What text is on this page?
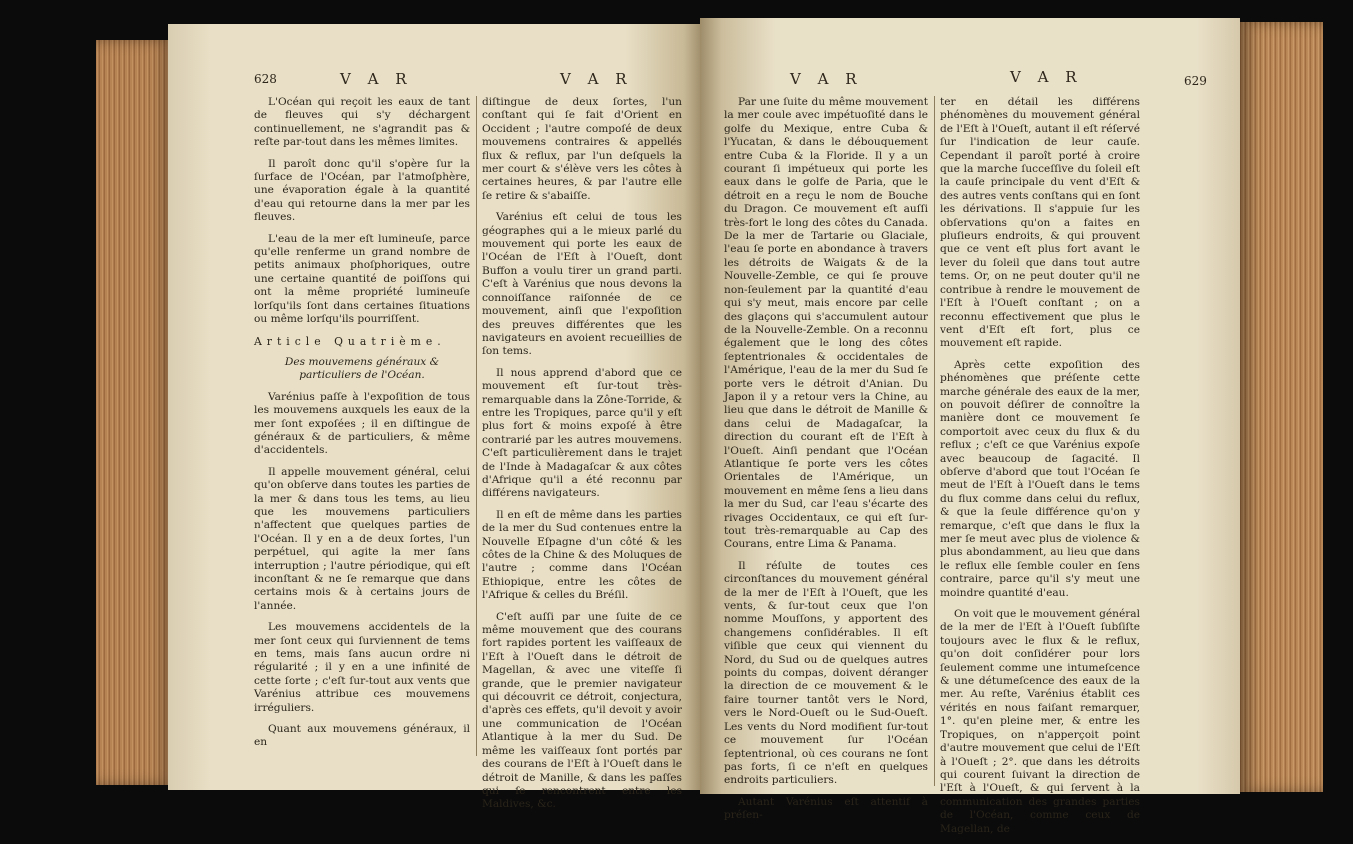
628	V A R	V A R

L'Océan qui reçoit les eaux de tant de fleuves qui s'y déchargent continuellement, ne s'agrandit pas & reſte par-tout dans les mêmes limites.

Il paroît donc qu'il s'opère ſur la ſurface de l'Océan, par l'atmoſphère, une évaporation égale à la quantité d'eau qui retourne dans la mer par les fleuves.

L'eau de la mer eſt lumineuſe, parce qu'elle renferme un grand nombre de petits animaux phoſphoriques, outre une certaine quantité de poiſſons qui ont la même propriété lumineuſe lorſqu'ils ſont dans certaines ſituations ou même lorſqu'ils pourriſſent.

Article Quatrième.

Des mouvemens généraux & particuliers de l'Océan.

Varénius paſſe à l'expoſition de tous les mouvemens auxquels les eaux de la mer ſont expoſées ; il en diſtingue de généraux & de particuliers, & même d'accidentels.

Il appelle mouvement général, celui qu'on obſerve dans toutes les parties de la mer & dans tous les tems, au lieu que les mouvemens particuliers n'affectent que quelques parties de l'Océan. Il y en a de deux ſortes, l'un perpétuel, qui agite la mer ſans interruption ; l'autre périodique, qui eſt inconſtant & ne ſe remarque que dans certains mois & à certains jours de l'année.

Les mouvemens accidentels de la mer ſont ceux qui ſurviennent de tems en tems, mais ſans aucun ordre ni régularité ; il y en a une infinité de cette ſorte ; c'eſt ſur-tout aux vents que Varénius attribue ces mouvemens irréguliers.

Quant aux mouvemens généraux, il en

diſtingue de deux ſortes, l'un conſtant qui ſe fait d'Orient en Occident ; l'autre compoſé de deux mouvemens contraires & appellés flux & reflux, par l'un deſquels la mer court & s'élève vers les côtes à certaines heures, & par l'autre elle ſe retire & s'abaiſſe.

Varénius eſt celui de tous les géographes qui a le mieux parlé du mouvement qui porte les eaux de l'Océan de l'Eſt à l'Oueſt, dont Buffon a voulu tirer un grand parti. C'eſt à Varénius que nous devons la connoiſſance raiſonnée de ce mouvement, ainſi que l'expoſition des preuves différentes que les navigateurs en avoient recueillies de ſon tems.

Il nous apprend d'abord que ce mouvement eſt ſur-tout très-remarquable dans la Zône-Torride, & entre les Tropiques, parce qu'il y eſt plus fort & moins expoſé à être contrarié par les autres mouvemens. C'eſt particulièrement dans le trajet de l'Inde à Madagaſcar & aux côtes d'Afrique qu'il a été reconnu par différens navigateurs.

Il en eſt de même dans les parties de la mer du Sud contenues entre la Nouvelle Eſpagne d'un côté & les côtes de la Chine & des Moluques de l'autre ; comme dans l'Océan Ethiopique, entre les côtes de l'Afrique & celles du Bréſil.

C'eſt auſſi par une ſuite de ce même mouvement que des courans fort rapides portent les vaiſſeaux de l'Eſt à l'Oueſt dans le détroit de Magellan, & avec une viteſſe ſi grande, que le premier navigateur qui découvrit ce détroit, conjectura, d'après ces effets, qu'il devoit y avoir une communication de l'Océan Atlantique à la mer du Sud. De même les vaiſſeaux ſont portés par des courans de l'Eſt à l'Oueſt dans le détroit de Manille, & dans les paſſes qui ſe rencontrent entre les Maldives, &c.

V A R	V A R	629

Par une ſuite du même mouvement la mer coule avec impétuoſité dans le golfe du Mexique, entre Cuba & l'Yucatan, & dans le débouquement entre Cuba & la Floride. Il y a un courant ſi impétueux qui porte les eaux dans le golfe de Paria, que le détroit en a reçu le nom de Bouche du Dragon. Ce mouvement eſt auſſi très-fort le long des côtes du Canada. De la mer de Tartarie ou Glaciale, l'eau ſe porte en abondance à travers les détroits de Waigats & de la Nouvelle-Zemble, ce qui ſe prouve non-ſeulement par la quantité d'eau qui s'y meut, mais encore par celle des glaçons qui s'accumulent autour de la Nouvelle-Zemble. On a reconnu également que le long des côtes ſeptentrionales & occidentales de l'Amérique, l'eau de la mer du Sud ſe porte vers le détroit d'Anian. Du Japon il y a retour vers la Chine, au lieu que dans le détroit de Manille & dans celui de Madagaſcar, la direction du courant eſt de l'Eſt à l'Oueſt. Ainſi pendant que l'Océan Atlantique ſe porte vers les côtes Orientales de l'Amérique, un mouvement en même ſens a lieu dans la mer du Sud, car l'eau s'écarte des rivages Occidentaux, ce qui eſt ſur-tout très-remarquable au Cap des Courans, entre Lima & Panama.

Il réſulte de toutes ces circonſtances du mouvement général de la mer de l'Eſt à l'Oueſt, que les vents, & ſur-tout ceux que l'on nomme Mouſſons, y apportent des changemens conſidérables. Il eſt viſible que ceux qui viennent du Nord, du Sud ou de quelques autres points du compas, doivent déranger la direction de ce mouvement & le faire tourner tantôt vers le Nord, vers le Nord-Oueſt ou le Sud-Oueſt. Les vents du Nord modifient ſur-tout ce mouvement ſur l'Océan ſeptentrional, où ces courans ne ſont pas forts, ſi ce n'eſt en quelques endroits particuliers.

Autant Varénius eſt attentif à préſen-

ter en détail les différens phénomènes du mouvement général de l'Eſt à l'Oueſt, autant il eſt réſervé ſur l'indication de leur cauſe. Cependant il paroît porté à croire que la marche ſucceſſive du ſoleil eſt la cauſe principale du vent d'Eſt & des autres vents conſtans qui en ſont les dérivations. Il s'appuie ſur les obſervations qu'on a faites en pluſieurs endroits, & qui prouvent que ce vent eſt plus fort avant le lever du ſoleil que dans tout autre tems. Or, on ne peut douter qu'il ne contribue à rendre le mouvement de l'Eſt à l'Oueſt conſtant ; on a reconnu effectivement que plus le vent d'Eſt eſt fort, plus ce mouvement eſt rapide.

Après cette expoſition des phénomènes que préſente cette marche générale des eaux de la mer, on pouvoit déſirer de connoître la manière dont ce mouvement ſe comportoit avec ceux du flux & du reflux ; c'eſt ce que Varénius expoſe avec beaucoup de ſagacité. Il obſerve d'abord que tout l'Océan ſe meut de l'Eſt à l'Oueſt dans le tems du flux comme dans celui du reflux, & que la ſeule différence qu'on y remarque, c'eſt que dans le flux la mer ſe meut avec plus de violence & plus abondamment, au lieu que dans le reflux elle ſemble couler en ſens contraire, parce qu'il s'y meut une moindre quantité d'eau.

On voit que le mouvement général de la mer de l'Eſt à l'Oueſt ſubſiſte toujours avec le flux & le reflux, qu'on doit conſidérer pour lors ſeulement comme une intumeſcence & une détumeſcence des eaux de la mer. Au reſte, Varénius établit ces vérités en nous faiſant remarquer, 1°. qu'en pleine mer, & entre les Tropiques, on n'apperçoit point d'autre mouvement que celui de l'Eſt à l'Oueſt ; 2°. que dans les détroits qui courent ſuivant la direction de l'Eſt à l'Oueſt, & qui ſervent à la communication des grandes parties de l'Océan, comme ceux de Magellan, de
